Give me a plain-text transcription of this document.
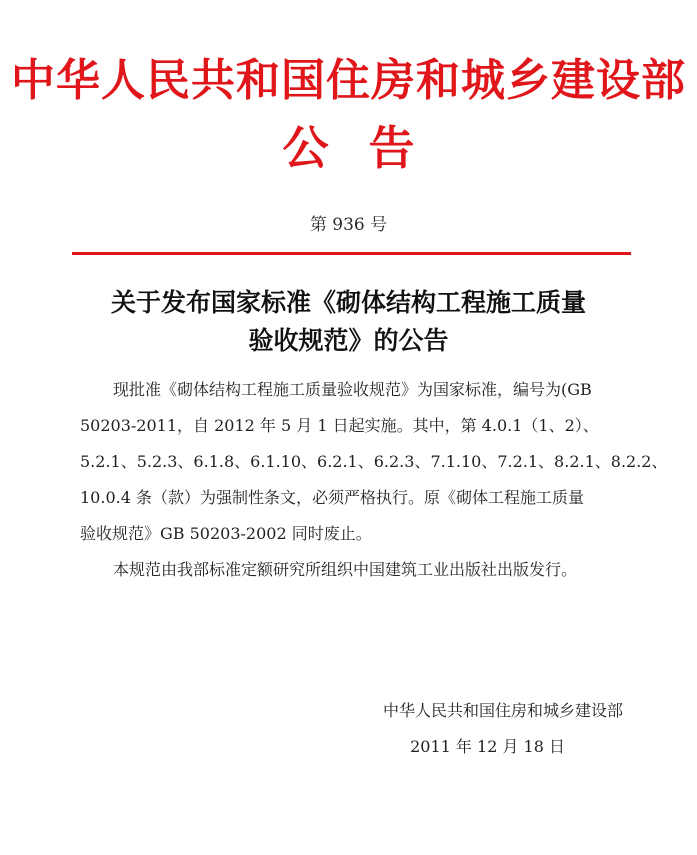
中华人民共和国住房和城乡建设部
公告
第 936 号
关于发布国家标准《砌体结构工程施工质量
验收规范》的公告
现批准《砌体结构工程施工质量验收规范》为国家标准，编号为(GB
50203-2011，自 2012 年 5 月 1 日起实施。其中，第 4.0.1（1、2）、
5.2.1、5.2.3、6.1.8、6.1.10、6.2.1、6.2.3、7.1.10、7.2.1、8.2.1、8.2.2、
10.0.4 条（款）为强制性条文，必须严格执行。原《砌体工程施工质量
验收规范》GB 50203-2002 同时废止。
本规范由我部标准定额研究所组织中国建筑工业出版社出版发行。
中华人民共和国住房和城乡建设部
2011 年 12 月 18 日
